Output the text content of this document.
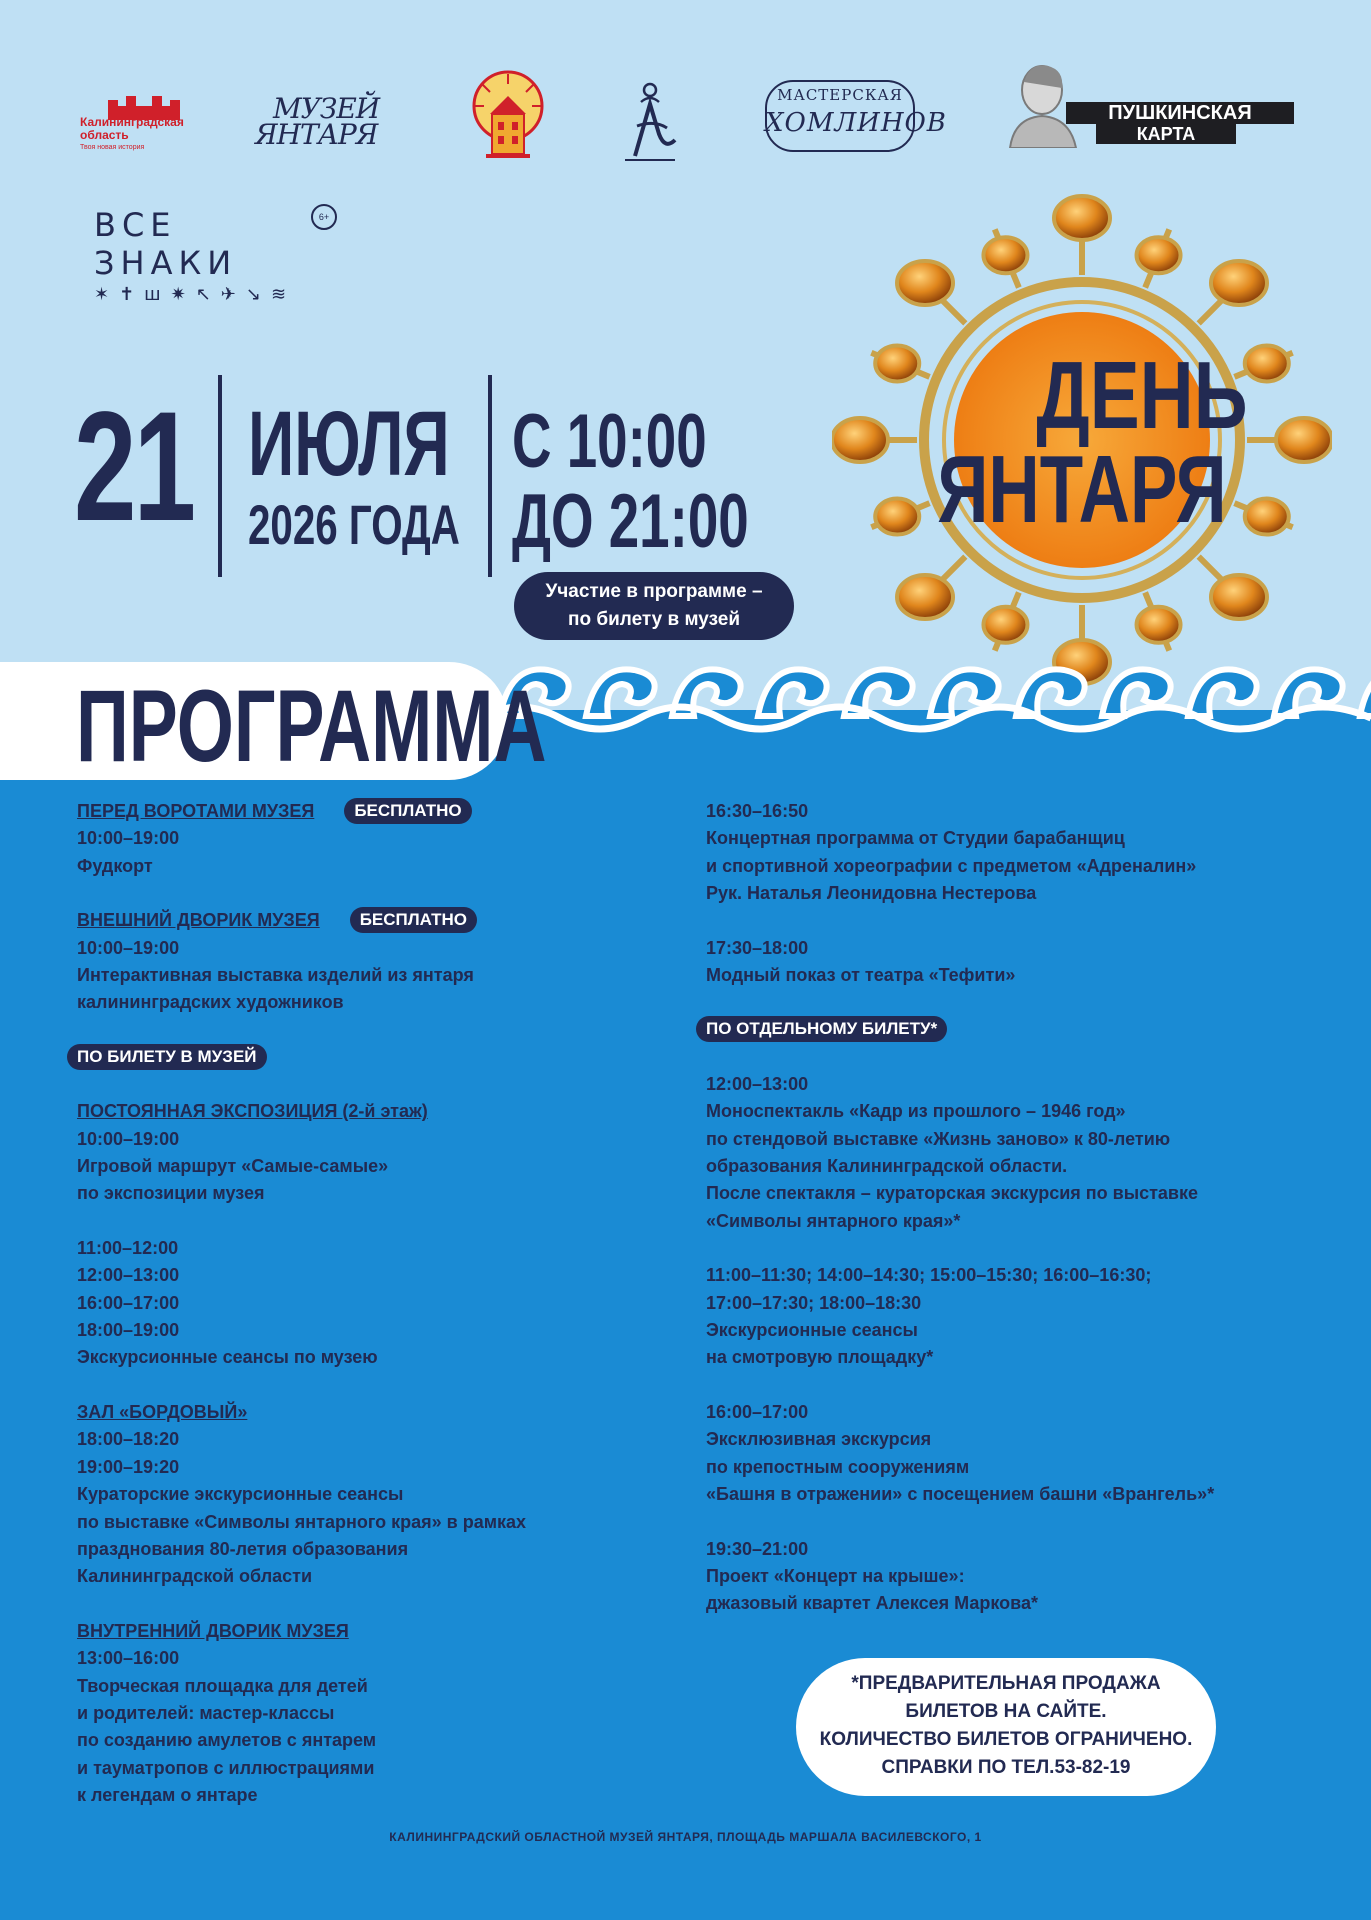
Калининградская
область
Твоя новая история
МУЗЕЙ
ЯНТАРЯ
МАСТЕРСКАЯ
ХОМЛИНОВ	ПУШКИНСКАЯ
КАРТА
ВСЕ ЗНАКИ
✶✝ш✷↖✈↘≋
6+
21 ИЮЛЯ
2026 ГОДА
С 10:00
ДО 21:00
Участие в программе –
по билету в музей
ДЕНЬ
ЯНТАРЯ
ПРОГРАММА
ПЕРЕД ВОРОТАМИ МУЗЕЯ БЕСПЛАТНО
10:00–19:00
Фудкорт
ВНЕШНИЙ ДВОРИК МУЗЕЯ БЕСПЛАТНО
10:00–19:00
Интерактивная выставка изделий из янтаря
калининградских художников
ПО БИЛЕТУ В МУЗЕЙ
ПОСТОЯННАЯ ЭКСПОЗИЦИЯ (2-й этаж)
10:00–19:00
Игровой маршрут «Самые-самые»
по экспозиции музея
11:00–12:00
12:00–13:00
16:00–17:00
18:00–19:00
Экскурсионные сеансы по музею
ЗАЛ «БОРДОВЫЙ»
18:00–18:20
19:00–19:20
Кураторские экскурсионные сеансы
по выставке «Символы янтарного края» в рамках
празднования 80-летия образования
Калининградской области
ВНУТРЕННИЙ ДВОРИК МУЗЕЯ
13:00–16:00
Творческая площадка для детей
и родителей: мастер-классы
по созданию амулетов с янтарем
и тауматропов с иллюстрациями
к легендам о янтаре
16:30–16:50
Концертная программа от Студии барабанщиц
и спортивной хореографии с предметом «Адреналин»
Рук. Наталья Леонидовна Нестерова
17:30–18:00
Модный показ от театра «Тефити»
ПО ОТДЕЛЬНОМУ БИЛЕТУ*
12:00–13:00
Моноспектакль «Кадр из прошлого – 1946 год»
по стендовой выставке «Жизнь заново» к 80-летию
образования Калининградской области.
После спектакля – кураторская экскурсия по выставке
«Символы янтарного края»*
11:00–11:30; 14:00–14:30; 15:00–15:30; 16:00–16:30;
17:00–17:30; 18:00–18:30
Экскурсионные сеансы
на смотровую площадку*
16:00–17:00
Эксклюзивная экскурсия
по крепостным сооружениям
«Башня в отражении» с посещением башни «Врангель»*
19:30–21:00
Проект «Концерт на крыше»:
джазовый квартет Алексея Маркова*
*ПРЕДВАРИТЕЛЬНАЯ ПРОДАЖА
БИЛЕТОВ НА САЙТЕ.
КОЛИЧЕСТВО БИЛЕТОВ ОГРАНИЧЕНО.
СПРАВКИ ПО ТЕЛ.53-82-19
КАЛИНИНГРАДСКИЙ ОБЛАСТНОЙ МУЗЕЙ ЯНТАРЯ, ПЛОЩАДЬ МАРШАЛА ВАСИЛЕВСКОГО, 1
